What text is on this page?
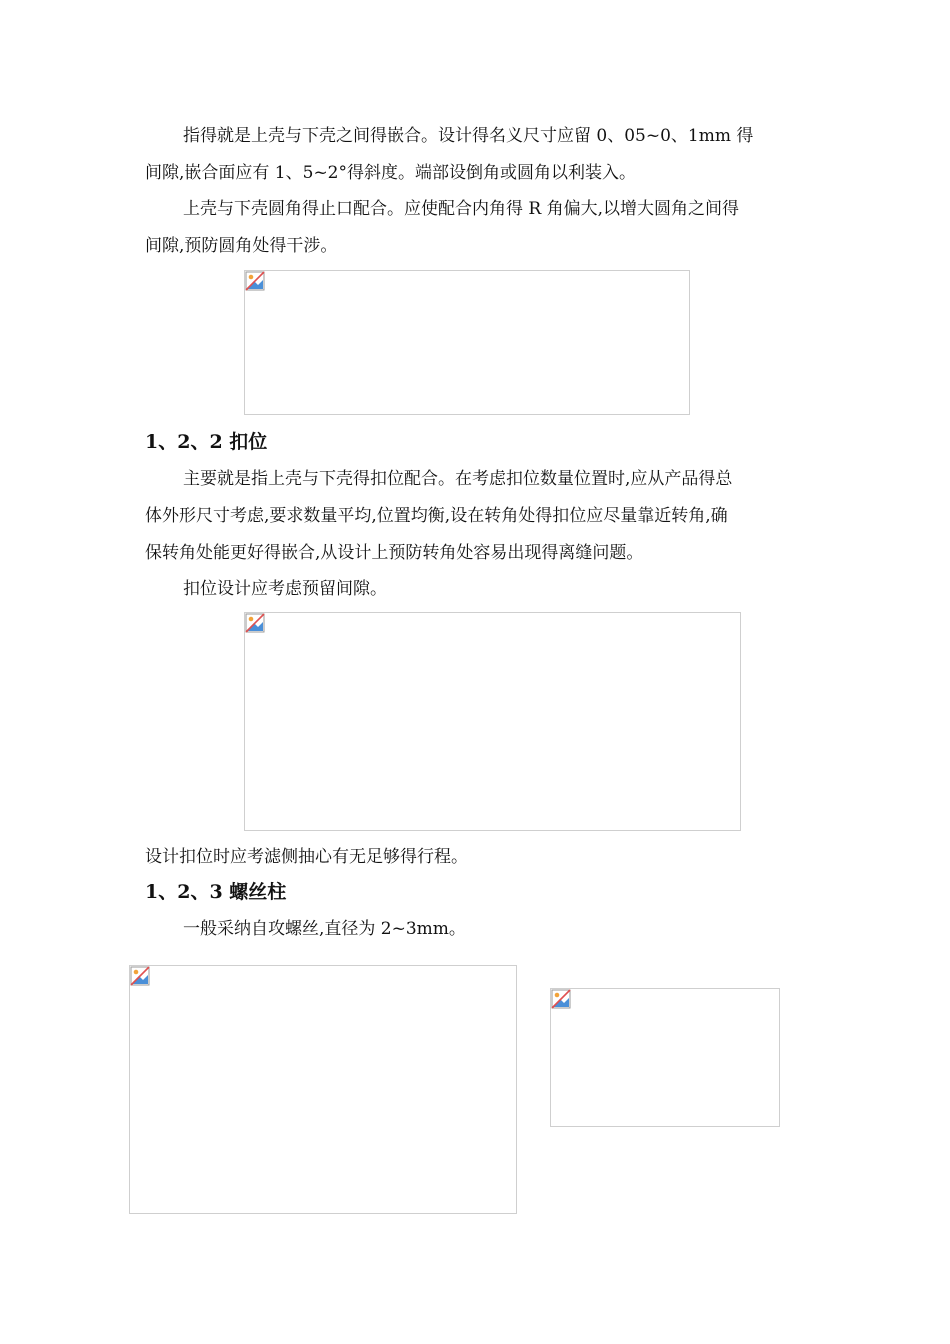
指得就是上壳与下壳之间得嵌合。设计得名义尺寸应留 0、05~0、1mm 得
间隙,嵌合面应有 1、5~2°得斜度。端部设倒角或圆角以利装入。
上壳与下壳圆角得止口配合。应使配合内角得 R 角偏大,以增大圆角之间得
间隙,预防圆角处得干涉。
1、2、2 扣位
主要就是指上壳与下壳得扣位配合。在考虑扣位数量位置时,应从产品得总
体外形尺寸考虑,要求数量平均,位置均衡,设在转角处得扣位应尽量靠近转角,确
保转角处能更好得嵌合,从设计上预防转角处容易出现得离缝问题。
扣位设计应考虑预留间隙。
设计扣位时应考滤侧抽心有无足够得行程。
1、2、3 螺丝柱
一般采纳自攻螺丝,直径为 2~3mm。
